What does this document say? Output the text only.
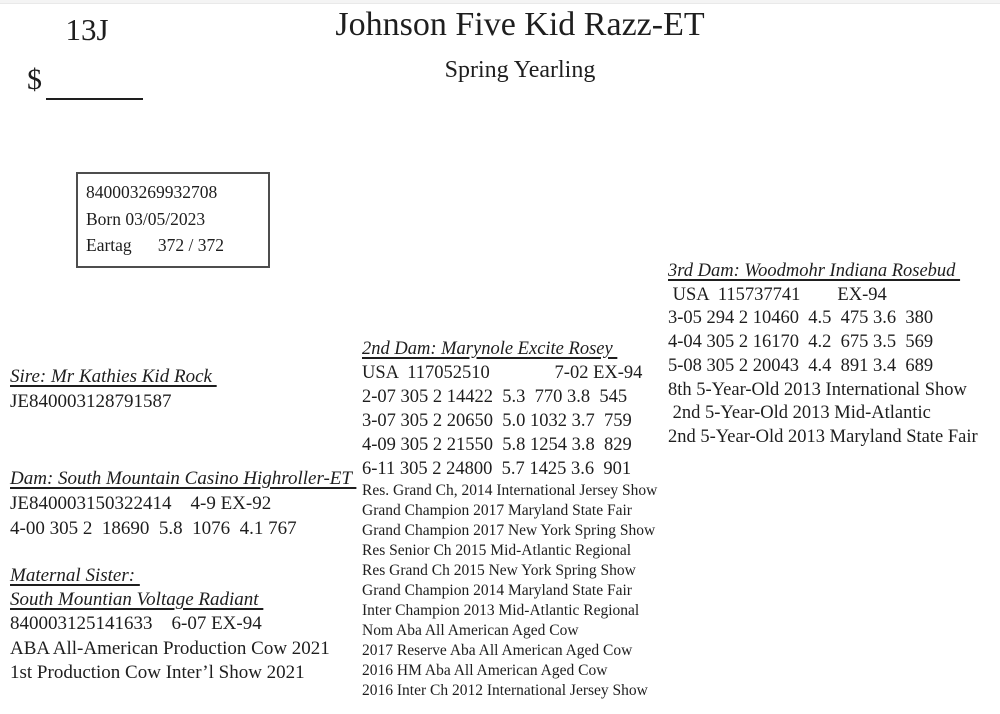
13J
$
Johnson Five Kid Razz-ET
Spring Yearling
840003269932708
Born 03/05/2023
Eartag      372 / 372
Sire: Mr Kathies Kid Rock
JE840003128791587
Dam: South Mountain Casino Highroller-ET
JE840003150322414    4-9 EX-92
4-00 305 2  18690  5.8  1076  4.1 767
Maternal Sister:
South Mountian Voltage Radiant
840003125141633    6-07 EX-94
ABA All-American Production Cow 2021
1st Production Cow Inter’l Show 2021
2nd Dam: Marynole Excite Rosey
USA  117052510              7-02 EX-94
2-07 305 2 14422  5.3  770 3.8  545
3-07 305 2 20650  5.0 1032 3.7  759
4-09 305 2 21550  5.8 1254 3.8  829
6-11 305 2 24800  5.7 1425 3.6  901
Res. Grand Ch, 2014 International Jersey Show
Grand Champion 2017 Maryland State Fair
Grand Champion 2017 New York Spring Show
Res Senior Ch 2015 Mid-Atlantic Regional
Res Grand Ch 2015 New York Spring Show
Grand Champion 2014 Maryland State Fair
Inter Champion 2013 Mid-Atlantic Regional
Nom Aba All American Aged Cow
2017 Reserve Aba All American Aged Cow
2016 HM Aba All American Aged Cow
2016 Inter Ch 2012 International Jersey Show
3rd Dam: Woodmohr Indiana Rosebud
USA  115737741        EX-94
3-05 294 2 10460  4.5  475 3.6  380
4-04 305 2 16170  4.2  675 3.5  569
5-08 305 2 20043  4.4  891 3.4  689
8th 5-Year-Old 2013 International Show
2nd 5-Year-Old 2013 Mid-Atlantic
2nd 5-Year-Old 2013 Maryland State Fair
